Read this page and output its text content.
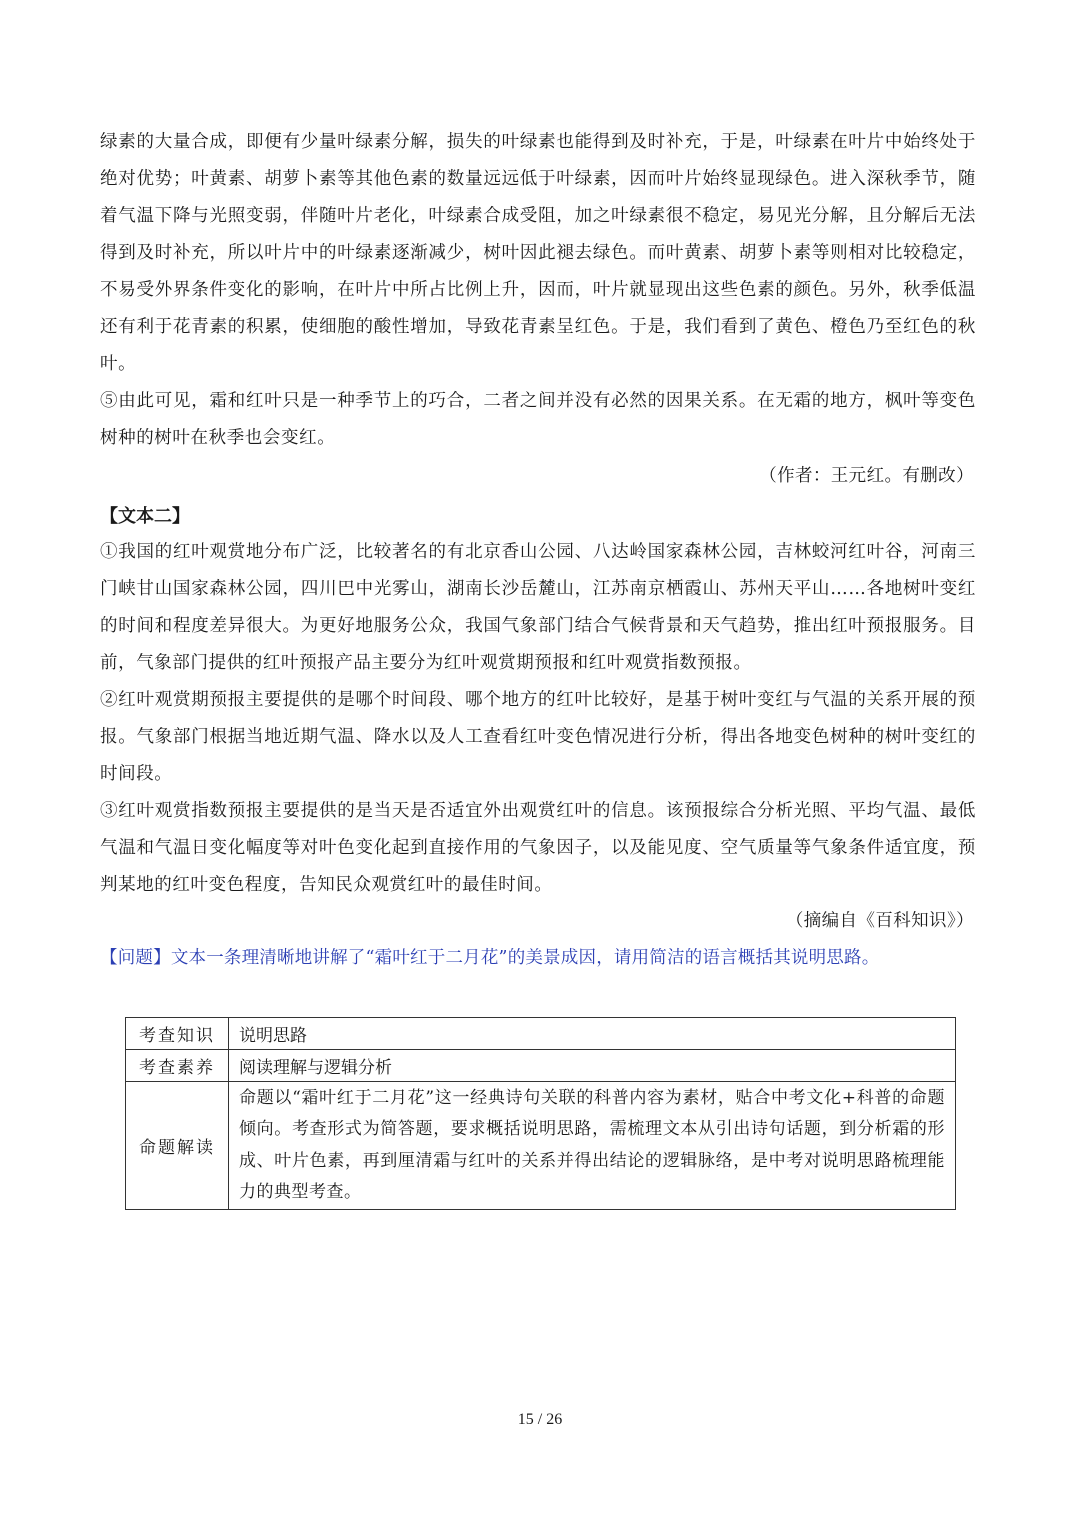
绿素的大量合成，即便有少量叶绿素分解，损失的叶绿素也能得到及时补充，于是，叶绿素在叶片中始终处于绝对优势；叶黄素、胡萝卜素等其他色素的数量远远低于叶绿素，因而叶片始终显现绿色。进入深秋季节，随着气温下降与光照变弱，伴随叶片老化，叶绿素合成受阻，加之叶绿素很不稳定，易见光分解，且分解后无法得到及时补充，所以叶片中的叶绿素逐渐减少，树叶因此褪去绿色。而叶黄素、胡萝卜素等则相对比较稳定，不易受外界条件变化的影响，在叶片中所占比例上升，因而，叶片就显现出这些色素的颜色。另外，秋季低温还有利于花青素的积累，使细胞的酸性增加，导致花青素呈红色。于是，我们看到了黄色、橙色乃至红色的秋叶。

⑤由此可见，霜和红叶只是一种季节上的巧合，二者之间并没有必然的因果关系。在无霜的地方，枫叶等变色树种的树叶在秋季也会变红。

（作者：王元红。有删改）
【文本二】

①我国的红叶观赏地分布广泛，比较著名的有北京香山公园、八达岭国家森林公园，吉林蛟河红叶谷，河南三门峡甘山国家森林公园，四川巴中光雾山，湖南长沙岳麓山，江苏南京栖霞山、苏州天平山……各地树叶变红的时间和程度差异很大。为更好地服务公众，我国气象部门结合气候背景和天气趋势，推出红叶预报服务。目前，气象部门提供的红叶预报产品主要分为红叶观赏期预报和红叶观赏指数预报。

②红叶观赏期预报主要提供的是哪个时间段、哪个地方的红叶比较好，是基于树叶变红与气温的关系开展的预报。气象部门根据当地近期气温、降水以及人工查看红叶变色情况进行分析，得出各地变色树种的树叶变红的时间段。

③红叶观赏指数预报主要提供的是当天是否适宜外出观赏红叶的信息。该预报综合分析光照、平均气温、最低气温和气温日变化幅度等对叶色变化起到直接作用的气象因子，以及能见度、空气质量等气象条件适宜度，预判某地的红叶变色程度，告知民众观赏红叶的最佳时间。

（摘编自《百科知识》）
【问题】文本一条理清晰地讲解了“霜叶红于二月花”的美景成因，请用简洁的语言概括其说明思路。
考查知识	说明思路
考查素养	阅读理解与逻辑分析
命题解读	命题以“霜叶红于二月花”这一经典诗句关联的科普内容为素材，贴合中考文化+科普的命题倾向。考查形式为简答题，要求概括说明思路，需梳理文本从引出诗句话题，到分析霜的形成、叶片色素，再到厘清霜与红叶的关系并得出结论的逻辑脉络，是中考对说明思路梳理能力的典型考查。
15 / 26
